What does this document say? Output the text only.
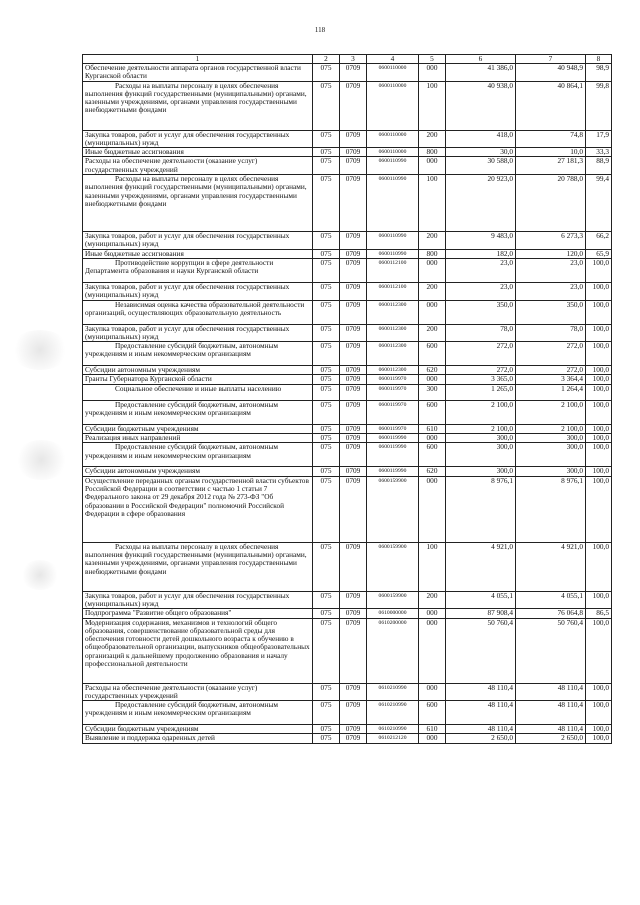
118
1	2	3	4	5	6	7	8
Обеспечение деятельности аппарата органов государственной власти Курганской области	075	0709	0600110000	000	41 386,0	40 948,9	98,9
Расходы на выплаты персоналу в целях обеспечения выполнения функций государственными (муниципальными) органами, казенными учреждениями, органами управления государственными внебюджетными фондами	075	0709	0600110000	100	40 938,0	40 864,1	99,8
Закупка товаров, работ и услуг для обеспечения государственных (муниципальных) нужд	075	0709	0600110000	200	418,0	74,8	17,9
Иные бюджетные ассигнования	075	0709	0600110000	800	30,0	10,0	33,3
Расходы на обеспечение деятельности (оказание услуг) государственных учреждений	075	0709	0600110990	000	30 588,0	27 181,3	88,9
Расходы на выплаты персоналу в целях обеспечения выполнения функций государственными (муниципальными) органами, казенными учреждениями, органами управления государственными внебюджетными фондами	075	0709	0600110990	100	20 923,0	20 788,0	99,4
Закупка товаров, работ и услуг для обеспечения государственных (муниципальных) нужд	075	0709	0600110990	200	9 483,0	6 273,3	66,2
Иные бюджетные ассигнования	075	0709	0600110990	800	182,0	120,0	65,9
Противодействие коррупции в сфере деятельности Департамента образования и науки Курганской области	075	0709	0600112100	000	23,0	23,0	100,0
Закупка товаров, работ и услуг для обеспечения государственных (муниципальных) нужд	075	0709	0600112100	200	23,0	23,0	100,0
Независимая оценка качества образовательной деятельности организаций, осуществляющих образовательную деятельность	075	0709	0600112300	000	350,0	350,0	100,0
Закупка товаров, работ и услуг для обеспечения государственных (муниципальных) нужд	075	0709	0600112300	200	78,0	78,0	100,0
Предоставление субсидий бюджетным, автономным учреждениям и иным некоммерческим организациям	075	0709	0600112300	600	272,0	272,0	100,0
Субсидии автономным учреждениям	075	0709	0600112300	620	272,0	272,0	100,0
Гранты Губернатора Курганской области	075	0709	0600119970	000	3 365,0	3 364,4	100,0
Социальное обеспечение и иные выплаты населению	075	0709	0600119970	300	1 265,0	1 264,4	100,0
Предоставление субсидий бюджетным, автономным учреждениям и иным некоммерческим организациям	075	0709	0600119970	600	2 100,0	2 100,0	100,0
Субсидии бюджетным учреждениям	075	0709	0600119970	610	2 100,0	2 100,0	100,0
Реализация иных направлений	075	0709	0600119990	000	300,0	300,0	100,0
Предоставление субсидий бюджетным, автономным учреждениям и иным некоммерческим организациям	075	0709	0600119990	600	300,0	300,0	100,0
Субсидии автономным учреждениям	075	0709	0600119990	620	300,0	300,0	100,0
Осуществление переданных органам государственной власти субъектов Российской Федерации в соответствии с частью 1 статьи 7 Федерального закона от 29 декабря 2012 года № 273-ФЗ "Об образовании в Российской Федерации" полномочий Российской Федерации в сфере образования	075	0709	0600159900	000	8 976,1	8 976,1	100,0
Расходы на выплаты персоналу в целях обеспечения выполнения функций государственными (муниципальными) органами, казенными учреждениями, органами управления государственными внебюджетными фондами	075	0709	0600159900	100	4 921,0	4 921,0	100,0
Закупка товаров, работ и услуг для обеспечения государственных (муниципальных) нужд	075	0709	0600159900	200	4 055,1	4 055,1	100,0
Подпрограмма "Развитие общего образования"	075	0709	0610000000	000	87 908,4	76 064,8	86,5
Модернизация содержания, механизмов и технологий общего образования, совершенствование образовательной среды для обеспечения готовности детей дошкольного возраста к обучению в общеобразовательной организации, выпускников общеобразовательных организаций к дальнейшему продолжению образования и началу профессиональной деятельности	075	0709	0610200000	000	50 760,4	50 760,4	100,0
Расходы на обеспечение деятельности (оказание услуг) государственных учреждений	075	0709	0610210990	000	48 110,4	48 110,4	100,0
Предоставление субсидий бюджетным, автономным учреждениям и иным некоммерческим организациям	075	0709	0610210990	600	48 110,4	48 110,4	100,0
Субсидии бюджетным учреждениям	075	0709	0610210990	610	48 110,4	48 110,4	100,0
Выявление и поддержка одаренных детей	075	0709	0610212120	000	2 650,0	2 650,0	100,0
